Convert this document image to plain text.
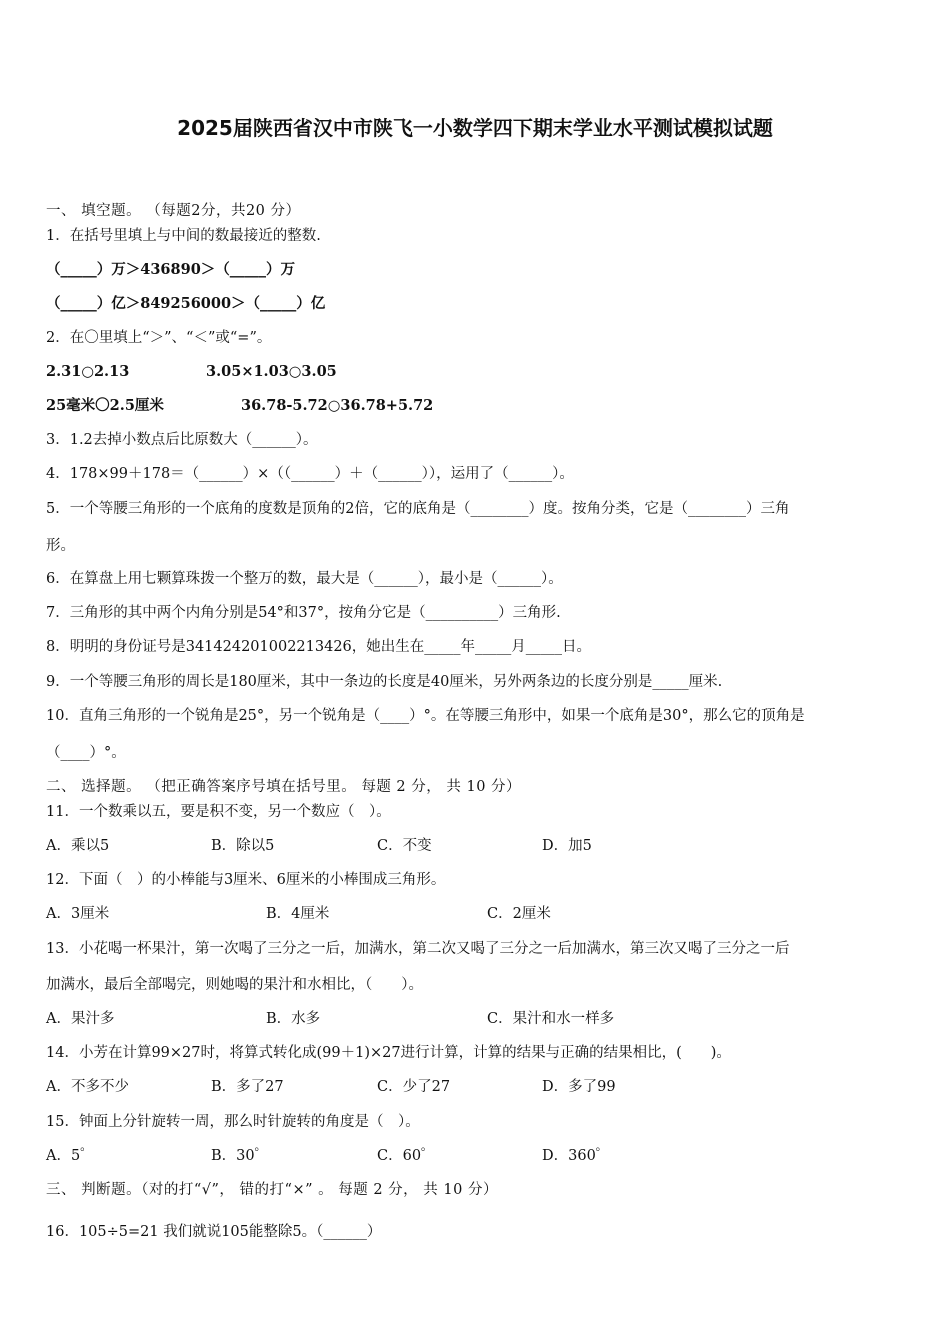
2025届陕西省汉中市陕飞一小数学四下期末学业水平测试模拟试题
一、 填空题。 （每题2分，共20 分）
1．在括号里填上与中间的数最接近的整数.
（_____）万＞436890＞（_____）万
（_____）亿＞849256000＞（_____）亿
2．在〇里填上“＞”、“＜”或“=”。
2.31○2.13	3.05×1.03○3.05
25毫米〇2.5厘米	36.78-5.72○36.78+5.72
3．1.2去掉小数点后比原数大（______）。
4．178×99＋178＝（______）×（（______）＋（______）），运用了（______）。
5．一个等腰三角形的一个底角的度数是顶角的2倍，它的底角是（________）度。按角分类，它是（________）三角
形。
6．在算盘上用七颗算珠拨一个整万的数，最大是（______），最小是（______）。
7．三角形的其中两个内角分别是54°和37°，按角分它是（__________）三角形.
8．明明的身份证号是341424201002213426，她出生在_____年_____月_____日。
9．一个等腰三角形的周长是180厘米，其中一条边的长度是40厘米，另外两条边的长度分别是_____厘米.
10．直角三角形的一个锐角是25°，另一个锐角是（____）°。在等腰三角形中，如果一个底角是30°，那么它的顶角是
（____）°。
二、 选择题。 （把正确答案序号填在括号里。 每题 2 分， 共 10 分）
11．一个数乘以五，要是积不变，另一个数应（　）。
A．乘以5	B．除以5	C．不变	D．加5
12．下面（　）的小棒能与3厘米、6厘米的小棒围成三角形。
A．3厘米	B．4厘米	C．2厘米
13．小花喝一杯果汁，第一次喝了三分之一后，加满水，第二次又喝了三分之一后加满水，第三次又喝了三分之一后
加满水，最后全部喝完，则她喝的果汁和水相比，（　　）。
A．果汁多	B．水多	C．果汁和水一样多
14．小芳在计算99×27时，将算式转化成(99＋1)×27进行计算，计算的结果与正确的结果相比，(　　)。
A．不多不少	B．多了27	C．少了27	D．多了99
15．钟面上分针旋转一周，那么时针旋转的角度是（　）。
A．5゜	B．30゜	C．60゜	D．360゜
三、 判断题。（对的打“√”， 错的打“×” 。 每题 2 分， 共 10 分）
16．105÷5=21 我们就说105能整除5。（______）
